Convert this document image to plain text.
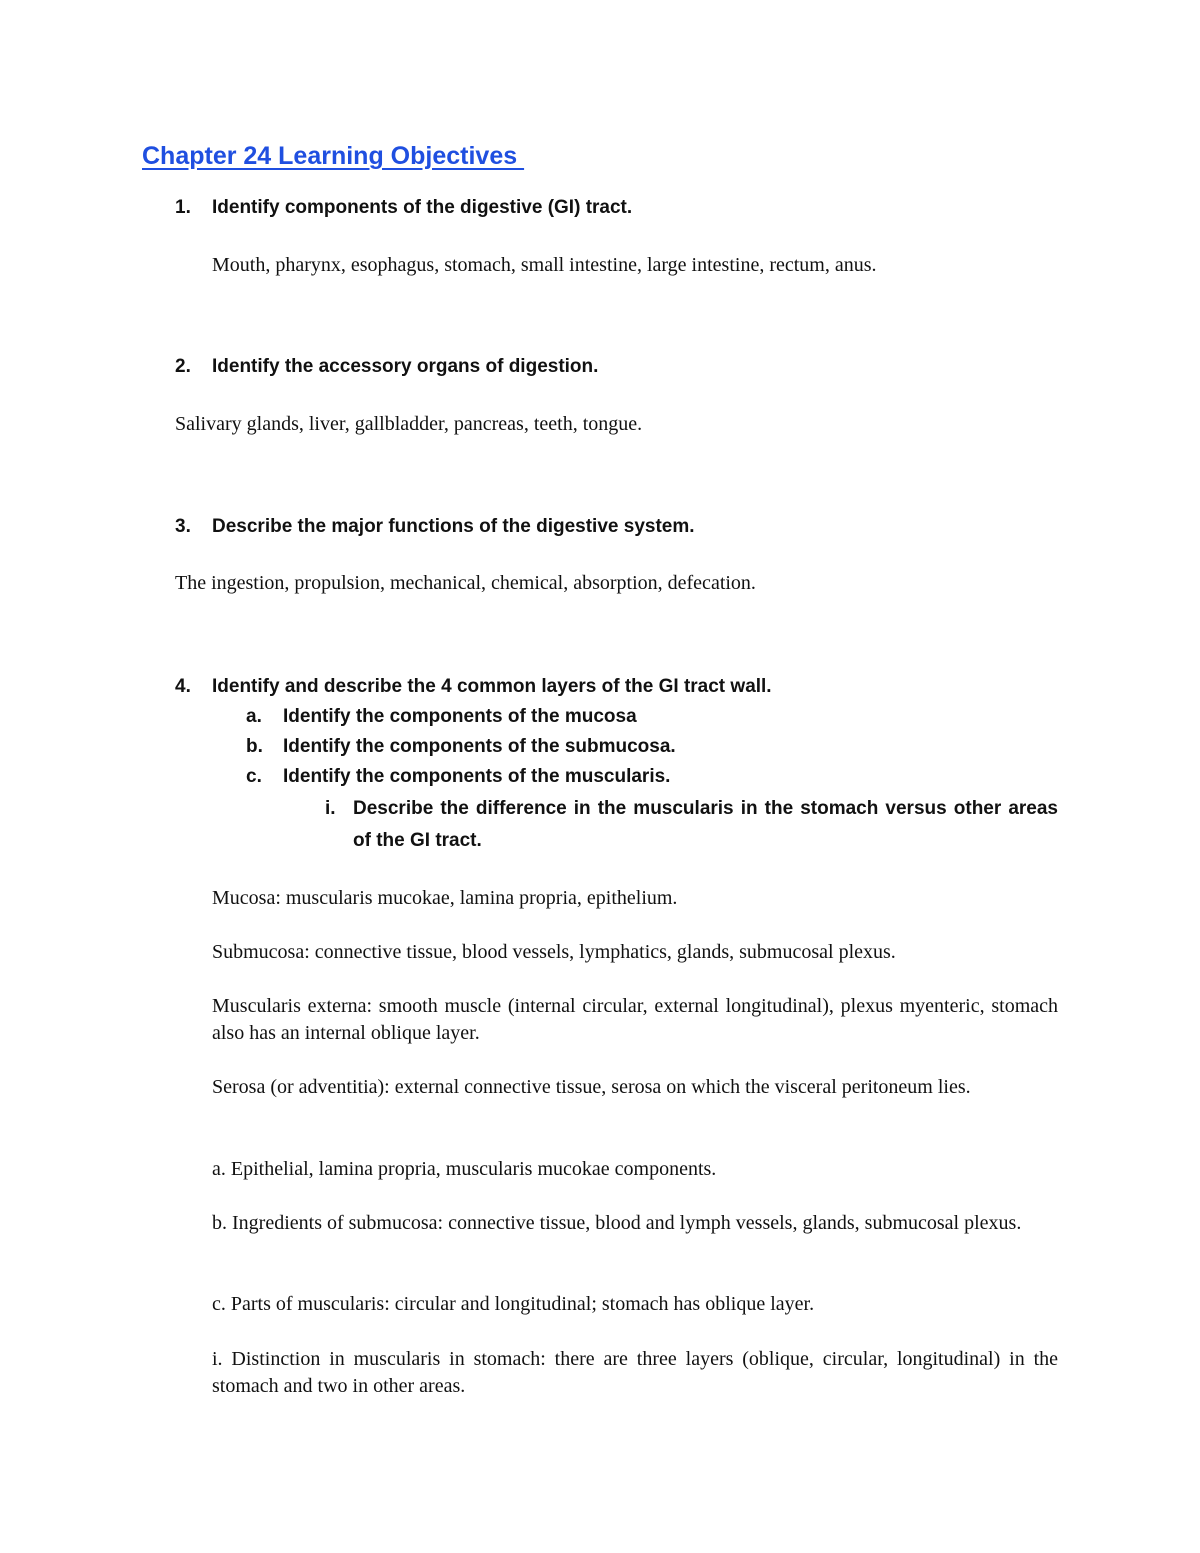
Chapter 24 Learning Objectives
1. Identify components of the digestive (GI) tract.
Mouth, pharynx, esophagus, stomach, small intestine, large intestine, rectum, anus.
2. Identify the accessory organs of digestion.
Salivary glands, liver, gallbladder, pancreas, teeth, tongue.
3. Describe the major functions of the digestive system.
The ingestion, propulsion, mechanical, chemical, absorption, defecation.
4. Identify and describe the 4 common layers of the GI tract wall.
a. Identify the components of the mucosa
b. Identify the components of the submucosa.
c. Identify the components of the muscularis.
i. Describe the difference in the muscularis in the stomach versus other areas of the GI tract.
Mucosa: muscularis mucokae, lamina propria, epithelium.
Submucosa: connective tissue, blood vessels, lymphatics, glands, submucosal plexus.
Muscularis externa: smooth muscle (internal circular, external longitudinal), plexus myenteric, stomach also has an internal oblique layer.
Serosa (or adventitia): external connective tissue, serosa on which the visceral peritoneum lies.
a. Epithelial, lamina propria, muscularis mucokae components.
b. Ingredients of submucosa: connective tissue, blood and lymph vessels, glands, submucosal plexus.
c. Parts of muscularis: circular and longitudinal; stomach has oblique layer.
i. Distinction in muscularis in stomach: there are three layers (oblique, circular, longitudinal) in the stomach and two in other areas.
